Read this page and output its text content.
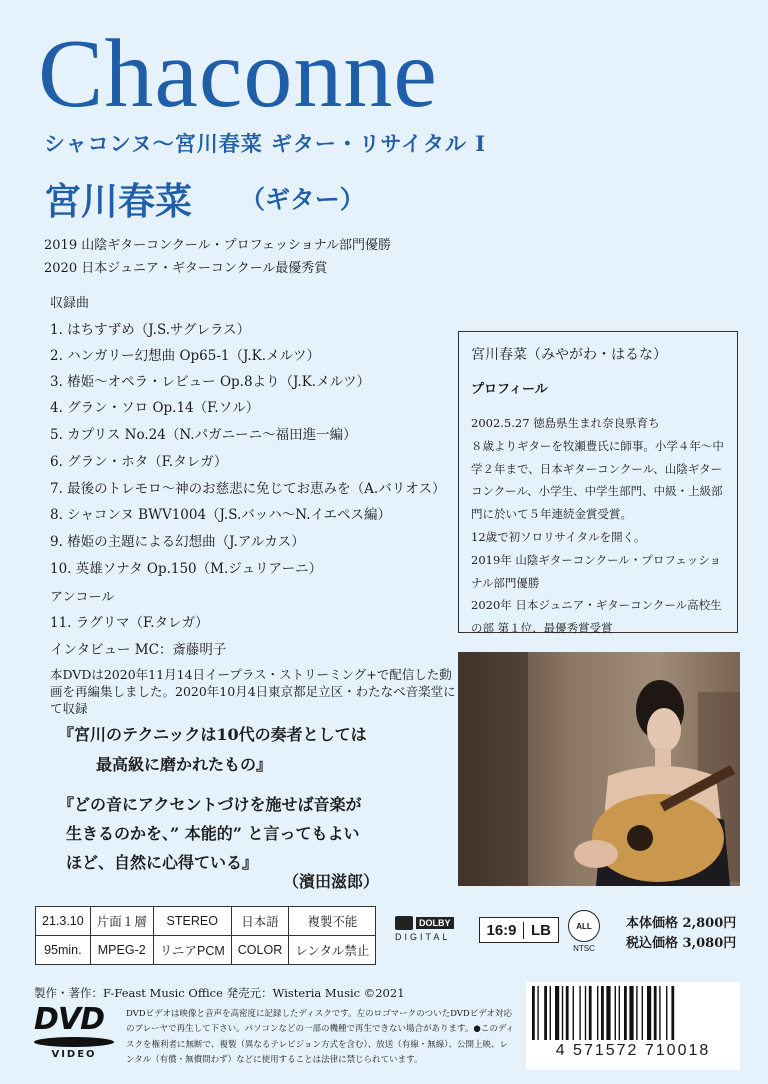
Chaconne
シャコンヌ〜宮川春菜 ギター・リサイタル Ⅰ
宮川春菜 （ギター）
2019 山陰ギターコンクール・プロフェッショナル部門優勝
2020 日本ジュニア・ギターコンクール最優秀賞
収録曲
1. はちすずめ（J.S.サグレラス）
2. ハンガリー幻想曲 Op65-1（J.K.メルツ）
3. 椿姫〜オペラ・レビュー Op.8より（J.K.メルツ）
4. グラン・ソロ Op.14（F.ソル）
5. カプリス No.24（N.パガニーニ〜福田進一編）
6. グラン・ホタ（F.タレガ）
7. 最後のトレモロ〜神のお慈悲に免じてお恵みを（A.バリオス）
8. シャコンヌ BWV1004（J.S.バッハ〜N.イエペス編）
9. 椿姫の主題による幻想曲（J.アルカス）
10. 英雄ソナタ Op.150（M.ジュリアーニ）
アンコール
11. ラグリマ（F.タレガ）
インタビュー MC：斎藤明子
本DVDは2020年11月14日イープラス・ストリーミング+で配信した動画を再編集しました。2020年10月4日東京都足立区・わたなべ音楽堂にて収録
『宮川のテクニックは10代の奏者としては
最高級に磨かれたもの』
『どの音にアクセントづけを施せば音楽が
生きるのかを、” 本能的” と言ってもよい
ほど、自然に心得ている』
（濱田滋郎）
宮川春菜（みやがわ・はるな）
プロフィール
2002.5.27 徳島県生まれ奈良県育ち
８歳よりギターを牧瀬豊氏に師事。小学４年〜中
学２年まで、日本ギターコンクール、山陰ギター
コンクール、小学生、中学生部門、中級・上級部
門に於いて５年連続金賞受賞。
12歳で初ソロリサイタルを開く。
2019年 山陰ギターコンクール・プロフェッショ
ナル部門優勝
2020年 日本ジュニア・ギターコンクール高校生
の部 第１位、最優秀賞受賞
21.3.10	片面１層	STEREO	日本語	複製不能
95min.	MPEG-2	リニアPCM	COLOR	レンタル禁止
DOLBY
DIGITAL	16:9 LB	ALL
NTSC
本体価格 2,800円
税込価格 3,080円
製作・著作：F-Feast Music Office 発売元：Wisteria Music ©2021
DVD
VIDEO
DVDビデオは映像と音声を高密度に記録したディスクです。左のロゴマークのついたDVDビデオ対応のプレーヤで再生して下さい。パソコンなどの一部の機種で再生できない場合があります。●このディスクを権利者に無断で、複製（異なるテレビジョン方式を含む）、放送（有線・無線）、公開上映、レンタル（有償・無償問わず）などに使用することは法律に禁じられています。
4 571572 710018
